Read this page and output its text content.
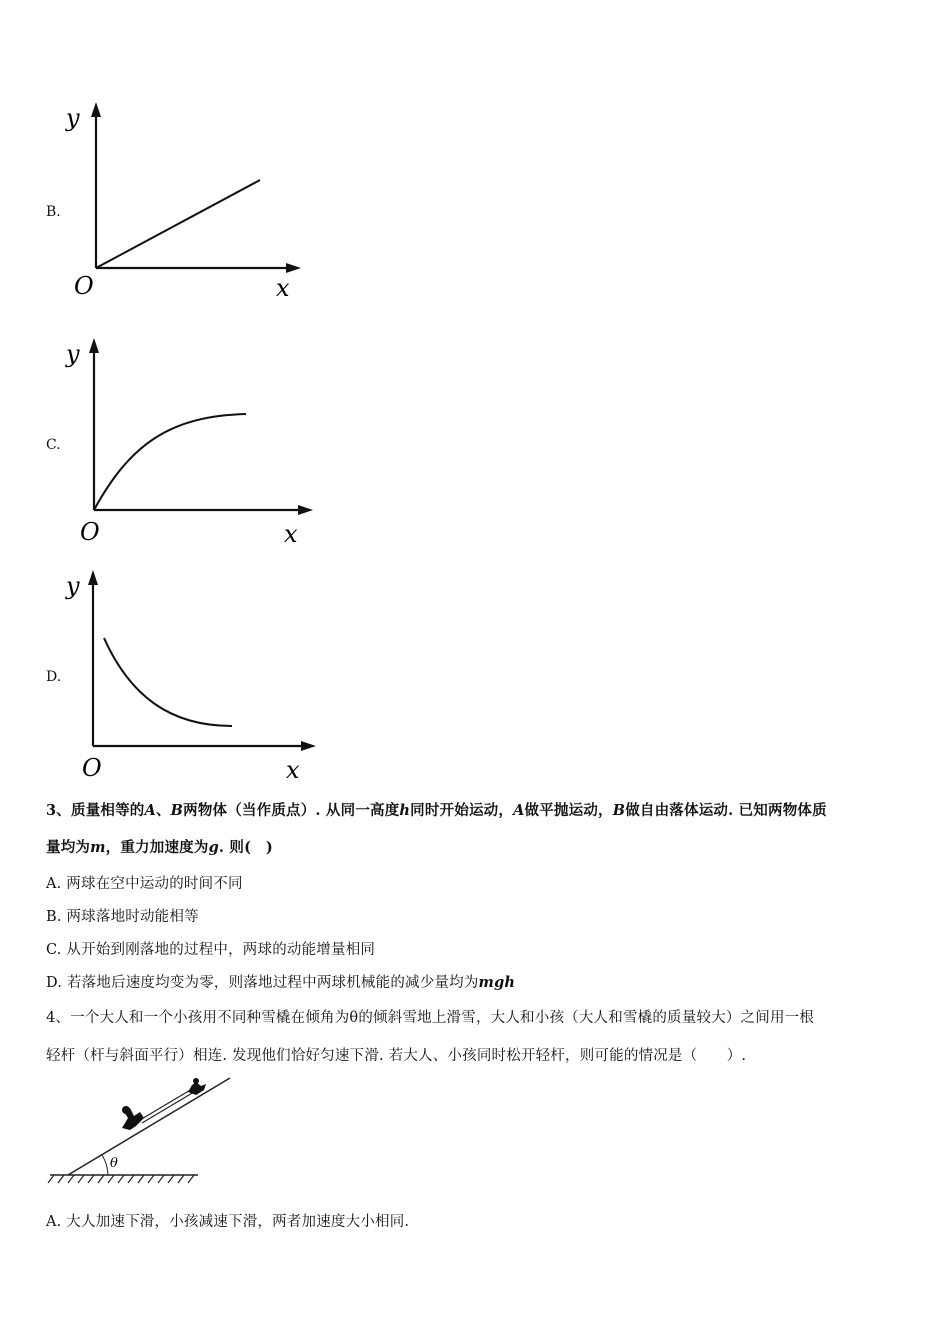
B.
y
O	x
C.
y
O	x
D.
y
O	x
3、质量相等的A、B两物体（当作质点）. 从同一高度h同时开始运动，A做平抛运动，B做自由落体运动. 已知两物体质
量均为m，重力加速度为g. 则(　)
A. 两球在空中运动的时间不同
B. 两球落地时动能相等
C. 从开始到刚落地的过程中，两球的动能增量相同
D. 若落地后速度均变为零，则落地过程中两球机械能的减少量均为mgh
4、一个大人和一个小孩用不同种雪橇在倾角为θ的倾斜雪地上滑雪，大人和小孩（大人和雪橇的质量较大）之间用一根
轻杆（杆与斜面平行）相连. 发现他们恰好匀速下滑. 若大人、小孩同时松开轻杆，则可能的情况是（　　）.
θ
A. 大人加速下滑，小孩减速下滑，两者加速度大小相同.
